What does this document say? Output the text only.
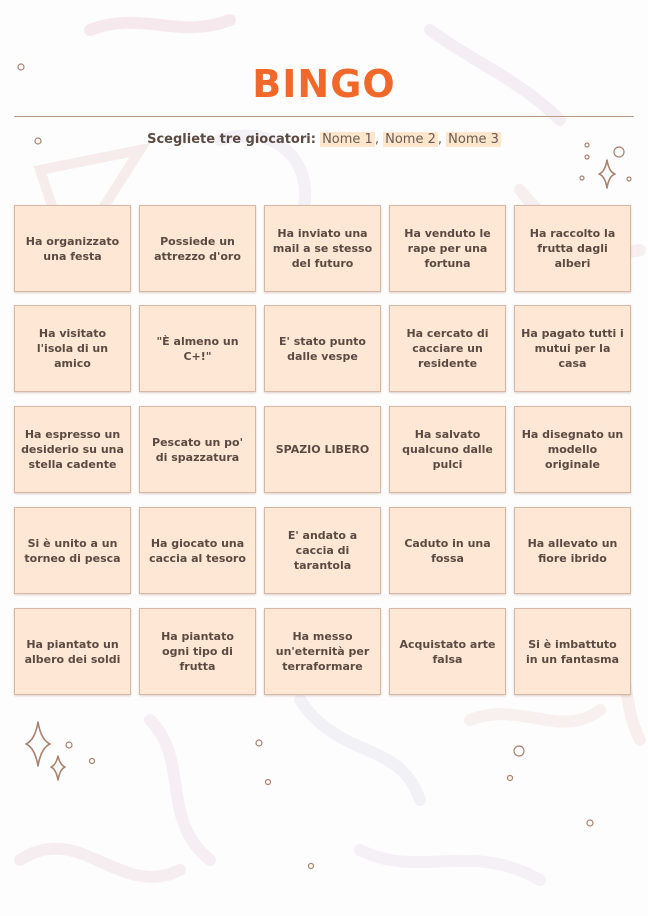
BINGO
Scegliete tre giocatori: Nome 1 , Nome 2 , Nome 3
Ha organizzato una festa
Possiede un attrezzo d'oro
Ha inviato una mail a se stesso del futuro
Ha venduto le rape per una fortuna
Ha raccolto la frutta dagli alberi
Ha visitato l'isola di un amico
"È almeno un C+!"
E' stato punto dalle vespe
Ha cercato di cacciare un residente
Ha pagato tutti i mutui per la casa
Ha espresso un desiderio su una stella cadente
Pescato un po' di spazzatura
SPAZIO LIBERO
Ha salvato qualcuno dalle pulci
Ha disegnato un modello originale
Si è unito a un torneo di pesca
Ha giocato una caccia al tesoro
E' andato a caccia di tarantola
Caduto in una fossa
Ha allevato un fiore ibrido
Ha piantato un albero dei soldi
Ha piantato ogni tipo di frutta
Ha messo un'eternità per terraformare
Acquistato arte falsa
Si è imbattuto in un fantasma
